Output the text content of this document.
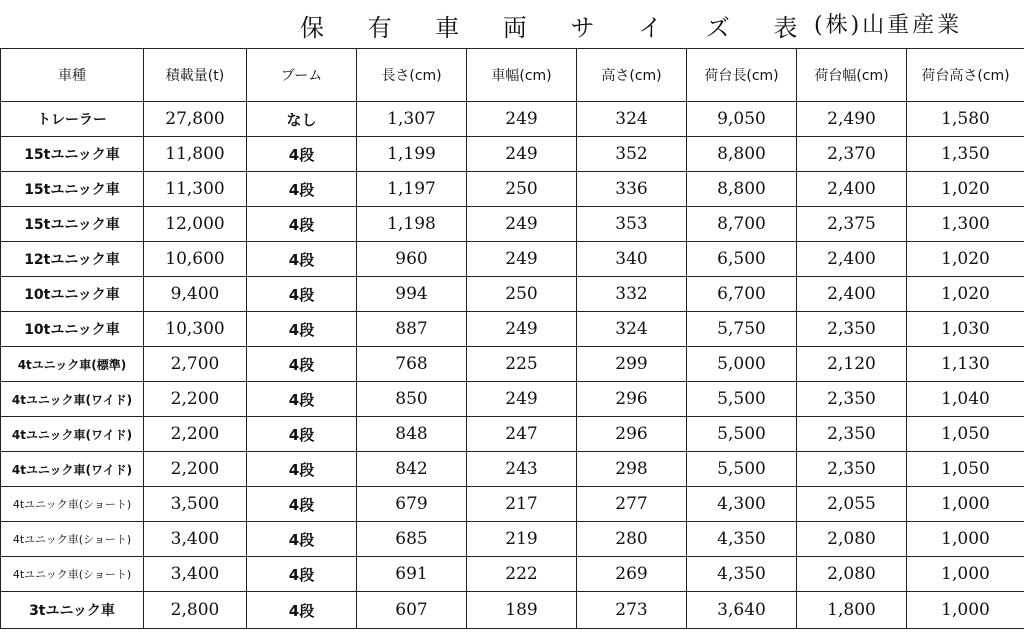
保 有 車 両 サ イ ズ 表
(株)山重産業
車種	積載量(t)	ブーム	長さ(cm)	車幅(cm)	高さ(cm)	荷台長(cm)	荷台幅(cm)	荷台高さ(cm)
トレーラー	27,800	なし	1,307	249	324	9,050	2,490	1,580
15tユニック車	11,800	4段	1,199	249	352	8,800	2,370	1,350
15tユニック車	11,300	4段	1,197	250	336	8,800	2,400	1,020
15tユニック車	12,000	4段	1,198	249	353	8,700	2,375	1,300
12tユニック車	10,600	4段	960	249	340	6,500	2,400	1,020
10tユニック車	9,400	4段	994	250	332	6,700	2,400	1,020
10tユニック車	10,300	4段	887	249	324	5,750	2,350	1,030
4tユニック車(標準)	2,700	4段	768	225	299	5,000	2,120	1,130
4tユニック車(ワイド)	2,200	4段	850	249	296	5,500	2,350	1,040
4tユニック車(ワイド)	2,200	4段	848	247	296	5,500	2,350	1,050
4tユニック車(ワイド)	2,200	4段	842	243	298	5,500	2,350	1,050
4tユニック車(ショート)	3,500	4段	679	217	277	4,300	2,055	1,000
4tユニック車(ショート)	3,400	4段	685	219	280	4,350	2,080	1,000
4tユニック車(ショート)	3,400	4段	691	222	269	4,350	2,080	1,000
3tユニック車	2,800	4段	607	189	273	3,640	1,800	1,000
